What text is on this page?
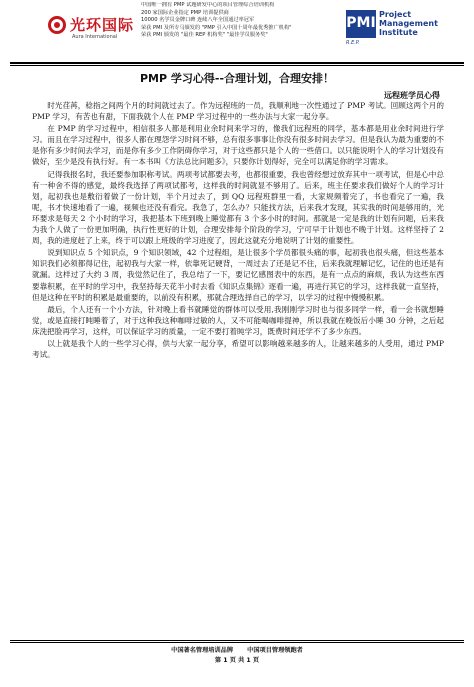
光环国际
Aura International
中国唯一拥有 PMP 试题研发中心的项目管理综合培训机构
200 家国际企业指定 PMP 培训提供商
10000 名学员金牌口碑 连续八年全国通过率冠军
荣获 PMI 及所专马颁发的 "PMP 引入中国十周年最优秀推广机构"
荣获 PMI 颁发的 "最佳 REP 机构奖" "最佳学员服务奖"
PMI
Project
Management
Institute
R.E.P.
PMP 学习心得--合理计划，合理安排！
远程班学员心得

时光荏苒，稔指之间两个月的时间就过去了。作为远程班的一员，我顺利地一次性通过了 PMP 考试。回顾这两个月的 PMP 学习，有苦也有甜，下面我就个人在 PMP 学习过程中的一些办法与大家一起分享。

在 PMP 的学习过程中，相信很多人都是利用业余时间来学习的，像我们远程班的同学，基本都是用业余时间进行学习。而且在学习过程中，很多人都在理怨学习时间不够，总有很多事事让你没有很多时间去学习。但是我认为最为重要的不是你有多少时间去学习，而是你有多少工作阴碍你学习，对于这些都只是个人的一些借口。以只能说明个人的学习计划没有做好，至少是没有执行好。有一本书叫《方法总比问题多》，只要你计划得好，完全可以满足你的学习需求。

记得我报名时，我还要参加职称考试。两项考试都要去考，也都很重要，我也曾经想过放弃其中一项考试，但是心中总有一种舍不得的感觉，最终我选择了两项试都考，这样我的时间就显不够用了。后来，班主任要求我们做好个人的学习计划，起初我也是敷衍着做了一份计划，半个月过去了，到 QQ 远程班群里一看，大家规频着完了，书也看完了一遍，我呢，书才快速地看了一遍，视频也还没有看完。我急了，怎么办？只能找方法，后来我才发现，其实我的时间是够用的，光环要求是每天 2 个小时的学习，我把基本下班到晚上睡觉都有 3 个多小时的时间。那就是一定是我的计划有问题，后来我为我个人做了一份更加明确，执行性更好的计划，合理安排每个阶段的学习，宁可早于计划也不晚于计划。这样坚持了 2 周，我的进度赶了上来，终于可以跟上班级的学习进度了，因此这就充分地说明了计划的重要性。

说到知识点 5 个知识点，9 个知识领域，42 个过程组，是让很多个学员都很头痛的事，起初我也很头痛，但这些基本知识我们必须都得记住，起初我与大家一样，依靠死记硬背，一周过去了还是记不住，后来我就理解记忆，记住的也还是有就漏。这样过了大约 3 周，我觉然记住了，我总结了一下，要记忆感图表中的东西，是有一点点的麻烦，我认为这些东西要靠积累，在平时的学习中，我坚持每天花半小时去看《知识点集锦》逐看一遍，再进行其它的学习，这样我就一直坚持，但是这种在平时的积累是最重要的，以前没有积累，那就合理选择自己的学习，以学习的过程中慢慢积累。

最后，个人还有一个小方法，针对晚上看书就睡觉的群体可以受用,我刚刚学习时也与很多同学一样，看一会书就想睡觉，或是直接打盹睡着了，对于这种我这种咖啡过敏的人，又不可能喝咖啡提神，所以我就在晚饭后小睡 30 分钟，之后起床洗把脸再学习，这样，可以保证学习的质量，一定不要打着盹学习，既费时间还学不了多少东西。

以上就是我个人的一些学习心得，供与大家一起分享，希望可以影响越来越多的人，让越来越多的人受用，通过 PMP 考试。

中国著名管理培训品牌 中国项目管理领跑者
第 1 页 共 1 页
